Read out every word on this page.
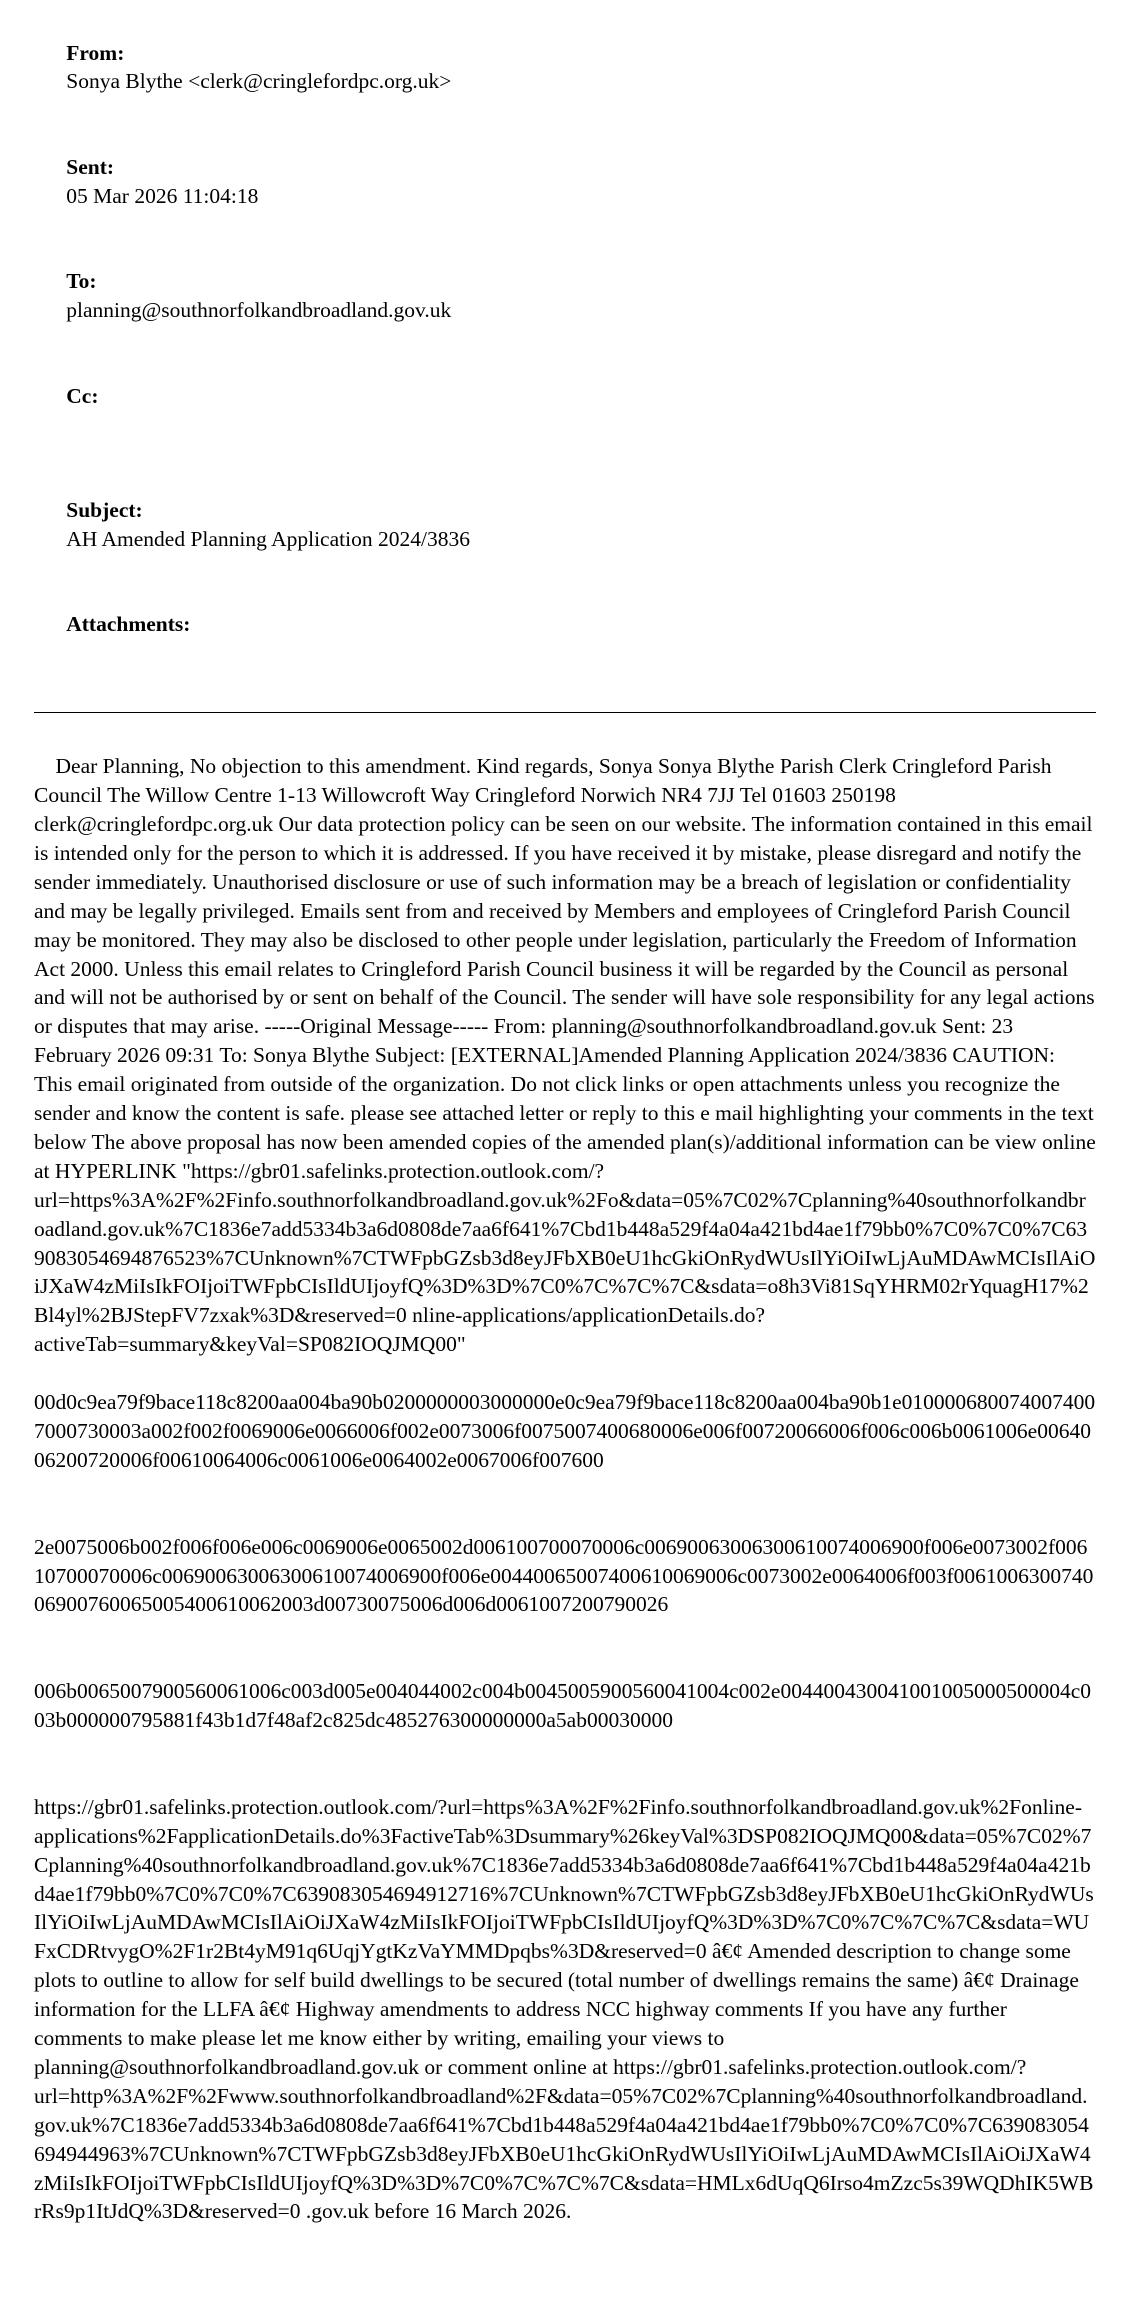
From:
Sonya Blythe <clerk@cringlefordpc.org.uk>

Sent:
05 Mar 2026 11:04:18

To:
planning@southnorfolkandbroadland.gov.uk

Cc:

Subject:
AH Amended Planning Application 2024/3836

Attachments:

Dear Planning, No objection to this amendment. Kind regards, Sonya Sonya Blythe Parish Clerk Cringleford Parish Council The Willow Centre 1-13 Willowcroft Way Cringleford Norwich NR4 7JJ Tel 01603 250198 clerk@cringlefordpc.org.uk Our data protection policy can be seen on our website. The information contained in this email is intended only for the person to which it is addressed. If you have received it by mistake, please disregard and notify the sender immediately. Unauthorised disclosure or use of such information may be a breach of legislation or confidentiality and may be legally privileged. Emails sent from and received by Members and employees of Cringleford Parish Council may be monitored. They may also be disclosed to other people under legislation, particularly the Freedom of Information Act 2000. Unless this email relates to Cringleford Parish Council business it will be regarded by the Council as personal and will not be authorised by or sent on behalf of the Council. The sender will have sole responsibility for any legal actions or disputes that may arise. -----Original Message----- From: planning@southnorfolkandbroadland.gov.uk Sent: 23 February 2026 09:31 To: Sonya Blythe Subject: [EXTERNAL]Amended Planning Application 2024/3836 CAUTION: This email originated from outside of the organization. Do not click links or open attachments unless you recognize the sender and know the content is safe. please see attached letter or reply to this e mail highlighting your comments in the text below The above proposal has now been amended copies of the amended plan(s)/additional information can be view online at HYPERLINK "https://gbr01.safelinks.protection.outlook.com/?url=https%3A%2F%2Finfo.southnorfolkandbroadland.gov.uk%2Fo&data=05%7C02%7Cplanning%40southnorfolkandbroadland.gov.uk%7C1836e7add5334b3a6d0808de7aa6f641%7Cbd1b448a529f4a04a421bd4ae1f79bb0%7C0%7C0%7C639083054694876523%7CUnknown%7CTWFpbGZsb3d8eyJFbXB0eU1hcGkiOnRydWUsIlYiOiIwLjAuMDAwMCIsIlAiOiJXaW4zMiIsIkFOIjoiTWFpbCIsIldUIjoyfQ%3D%3D%7C0%7C%7C%7C&sdata=o8h3Vi81SqYHRM02rYquagH17%2Bl4yl%2BJStepFV7zxak%3D&reserved=0 nline-applications/applicationDetails.do?activeTab=summary&keyVal=SP082IOQJMQ00"

00d0c9ea79f9bace118c8200aa004ba90b0200000003000000e0c9ea79f9bace118c8200aa004ba90b1e0100006800740074007000730003a002f002f0069006e0066006f002e0073006f0075007400680006e006f00720066006f006c006b0061006e0064006200720006f00610064006c0061006e0064002e0067006f007600

2e0075006b002f006f006e006c0069006e0065002d006100700070006c00690063006300610074006900f006e0073002f00610700070006c00690063006300610074006900f006e00440065007400610069006c0073002e0064006f003f006100630074006900760065005400610062003d00730075006d006d0061007200790026

006b0065007900560061006c003d005e004044002c004b0045005900560041004c002e004400430041001005000500004c003b000000795881f43b1d7f48af2c825dc485276300000000a5ab00030000

https://gbr01.safelinks.protection.outlook.com/?url=https%3A%2F%2Finfo.southnorfolkandbroadland.gov.uk%2Fonline-applications%2FapplicationDetails.do%3FactiveTab%3Dsummary%26keyVal%3DSP082IOQJMQ00&data=05%7C02%7Cplanning%40southnorfolkandbroadland.gov.uk%7C1836e7add5334b3a6d0808de7aa6f641%7Cbd1b448a529f4a04a421bd4ae1f79bb0%7C0%7C0%7C639083054694912716%7CUnknown%7CTWFpbGZsb3d8eyJFbXB0eU1hcGkiOnRydWUsIlYiOiIwLjAuMDAwMCIsIlAiOiJXaW4zMiIsIkFOIjoiTWFpbCIsIldUIjoyfQ%3D%3D%7C0%7C%7C%7C&sdata=WUFxCDRtvygO%2F1r2Bt4yM91q6UqjYgtKzVaYMMDpqbs%3D&reserved=0 â€¢ Amended description to change some plots to outline to allow for self build dwellings to be secured (total number of dwellings remains the same) â€¢ Drainage information for the LLFA â€¢ Highway amendments to address NCC highway comments If you have any further comments to make please let me know either by writing, emailing your views to planning@southnorfolkandbroadland.gov.uk or comment online at https://gbr01.safelinks.protection.outlook.com/?url=http%3A%2F%2Fwww.southnorfolkandbroadland%2F&data=05%7C02%7Cplanning%40southnorfolkandbroadland.gov.uk%7C1836e7add5334b3a6d0808de7aa6f641%7Cbd1b448a529f4a04a421bd4ae1f79bb0%7C0%7C0%7C639083054694944963%7CUnknown%7CTWFpbGZsb3d8eyJFbXB0eU1hcGkiOnRydWUsIlYiOiIwLjAuMDAwMCIsIlAiOiJXaW4zMiIsIkFOIjoiTWFpbCIsIldUIjoyfQ%3D%3D%7C0%7C%7C%7C&sdata=HMLx6dUqQ6Irso4mZzc5s39WQDhIK5WBrRs9p1ItJdQ%3D&reserved=0 .gov.uk before 16 March 2026.
